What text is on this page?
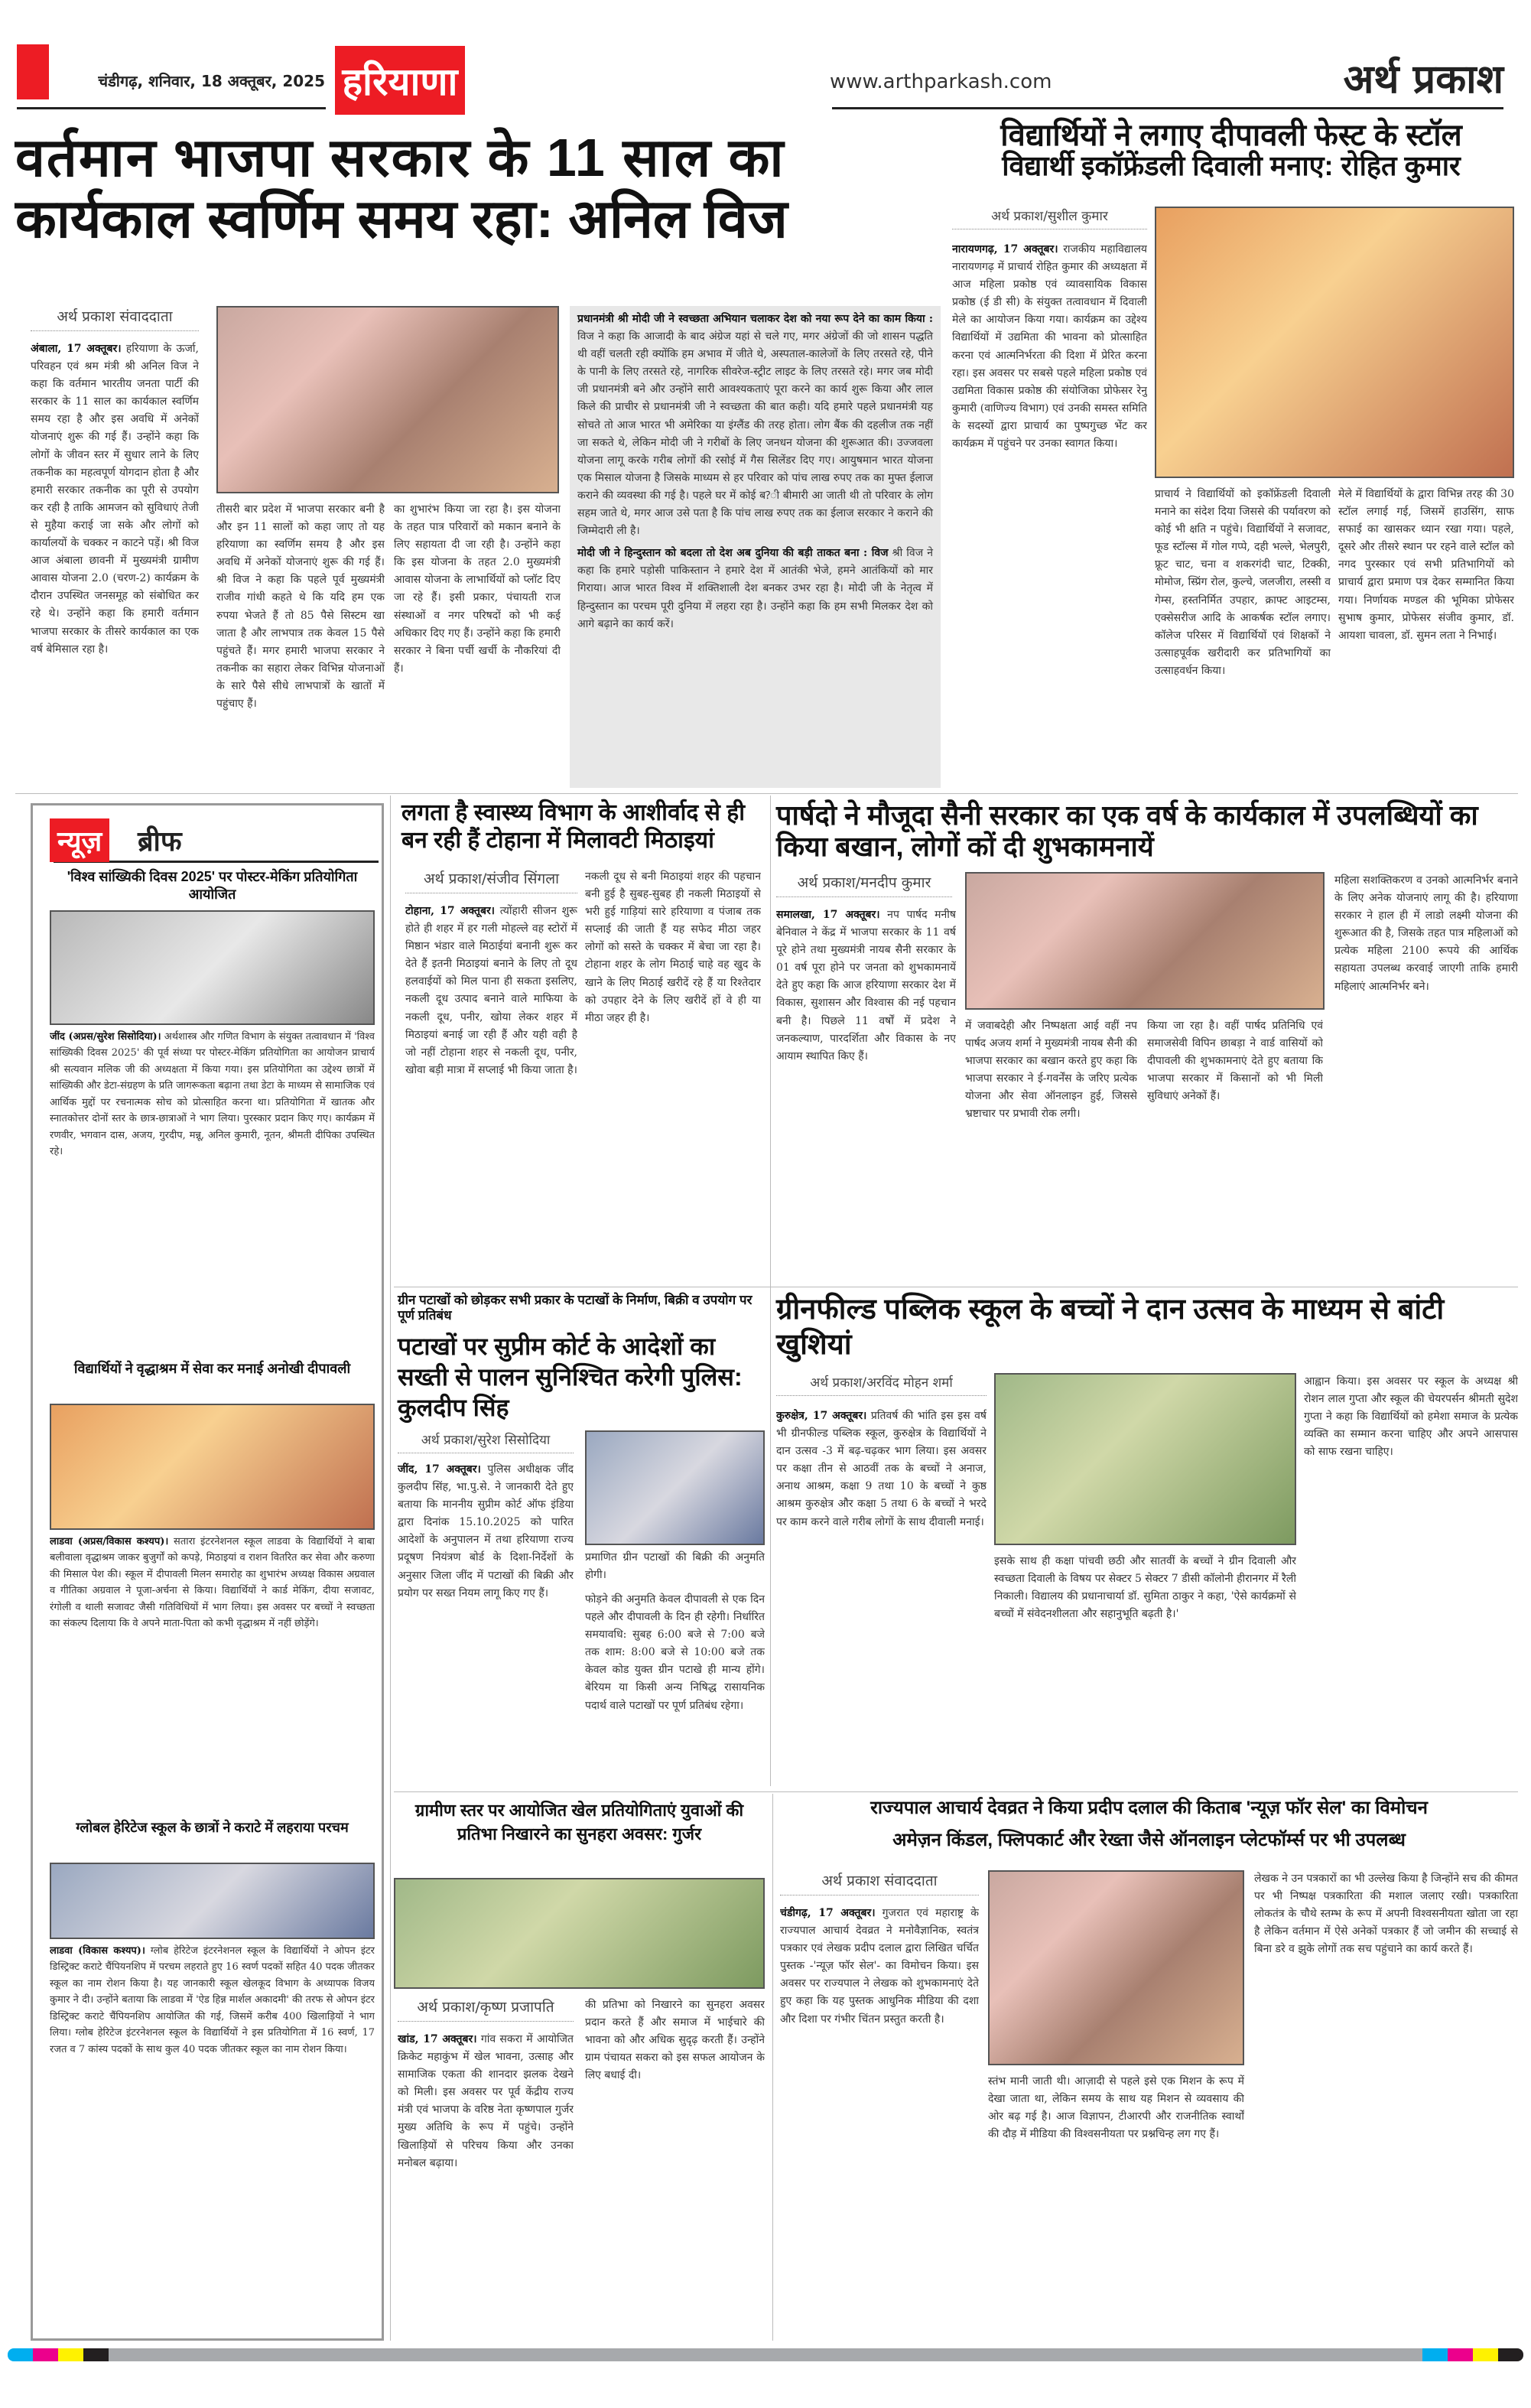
चंडीगढ़, शनिवार, 18 अक्तूबर, 2025 हरियाणा	www.arthparkash.com	अर्थ प्रकाश
वर्तमान भाजपा सरकार के 11 साल का
कार्यकाल स्वर्णिम समय रहा: अनिल विज
अर्थ प्रकाश संवाददाता
अंबाला, 17 अक्तूबर। हरियाणा के ऊर्जा, परिवहन एवं श्रम मंत्री श्री अनिल विज ने कहा कि वर्तमान भारतीय जनता पार्टी की सरकार के 11 साल का कार्यकाल स्वर्णिम समय रहा है और इस अवधि में अनेकों योजनाएं शुरू की गई हैं। उन्होंने कहा कि लोगों के जीवन स्तर में सुधार लाने के लिए तकनीक का महत्वपूर्ण योगदान होता है और हमारी सरकार तकनीक का पूरी से उपयोग कर रही है ताकि आमजन को सुविधाएं तेजी से मुहैया कराई जा सके और लोगों को कार्यालयों के चक्कर न काटने पड़ें। श्री विज आज अंबाला छावनी में मुख्यमंत्री ग्रामीण आवास योजना 2.0 (चरण-2) कार्यक्रम के दौरान उपस्थित जनसमूह को संबोधित कर रहे थे। उन्होंने कहा कि हमारी वर्तमान भाजपा सरकार के तीसरे कार्यकाल का एक वर्ष बेमिसाल रहा है।
तीसरी बार प्रदेश में भाजपा सरकार बनी है और इन 11 सालों को कहा जाए तो यह हरियाणा का स्वर्णिम समय है और इस अवधि में अनेकों योजनाएं शुरू की गई हैं। श्री विज ने कहा कि पहले पूर्व मुख्यमंत्री राजीव गांधी कहते थे कि यदि हम एक रुपया भेजते हैं तो 85 पैसे सिस्टम खा जाता है और लाभपात्र तक केवल 15 पैसे पहुंचते हैं। मगर हमारी भाजपा सरकार ने तकनीक का सहारा लेकर विभिन्न योजनाओं के सारे पैसे सीधे लाभपात्रों के खातों में पहुंचाए हैं।
का शुभारंभ किया जा रहा है। इस योजना के तहत पात्र परिवारों को मकान बनाने के लिए सहायता दी जा रही है। उन्होंने कहा कि इस योजना के तहत 2.0 मुख्यमंत्री आवास योजना के लाभार्थियों को प्लॉट दिए जा रहे हैं। इसी प्रकार, पंचायती राज संस्थाओं व नगर परिषदों को भी कई अधिकार दिए गए हैं। उन्होंने कहा कि हमारी सरकार ने बिना पर्ची खर्ची के नौकरियां दी हैं।
प्रधानमंत्री श्री मोदी जी ने स्वच्छता अभियान चलाकर देश को नया रूप देने का काम किया : विज ने कहा कि आजादी के बाद अंग्रेज यहां से चले गए, मगर अंग्रेजों की जो शासन पद्धति थी वहीं चलती रही क्योंकि हम अभाव में जीते थे, अस्पताल-कालेजों के लिए तरसते रहे, पीने के पानी के लिए तरसते रहे, नागरिक सीवरेज-स्ट्रीट लाइट के लिए तरसते रहे। मगर जब मोदी जी प्रधानमंत्री बने और उन्होंने सारी आवश्यकताएं पूरा करने का कार्य शुरू किया और लाल किले की प्राचीर से प्रधानमंत्री जी ने स्वच्छता की बात कही। यदि हमारे पहले प्रधानमंत्री यह सोचते तो आज भारत भी अमेरिका या इंग्लैंड की तरह होता। लोग बैंक की दहलीज तक नहीं जा सकते थे, लेकिन मोदी जी ने गरीबों के लिए जनधन योजना की शुरूआत की। उज्जवला योजना लागू करके गरीब लोगों की रसोई में गैस सिलेंडर दिए गए। आयुषमान भारत योजना एक मिसाल योजना है जिसके माध्यम से हर परिवार को पांच लाख रुपए तक का मुफ्त ईलाज कराने की व्यवस्था की गई है। पहले घर में कोई ब?ी बीमारी आ जाती थी तो परिवार के लोग सहम जाते थे, मगर आज उसे पता है कि पांच लाख रुपए तक का ईलाज सरकार ने कराने की जिम्मेदारी ली है।
मोदी जी ने हिन्दुस्तान को बदला तो देश अब दुनिया की बड़ी ताकत बना : विज श्री विज ने कहा कि हमारे पड़ोसी पाकिस्तान ने हमारे देश में आतंकी भेजे, हमने आतंकियों को मार गिराया। आज भारत विश्व में शक्तिशाली देश बनकर उभर रहा है। मोदी जी के नेतृत्व में हिन्दुस्तान का परचम पूरी दुनिया में लहरा रहा है। उन्होंने कहा कि हम सभी मिलकर देश को आगे बढ़ाने का कार्य करें।
विद्यार्थियों ने लगाए दीपावली फेस्ट के स्टॉल
विद्यार्थी इकॉफ्रेंडली दिवाली मनाए: रोहित कुमार
अर्थ प्रकाश/सुशील कुमार
नारायणगढ़, 17 अक्तूबर। राजकीय महाविद्यालय नारायणगढ़ में प्राचार्य रोहित कुमार की अध्यक्षता में आज महिला प्रकोष्ठ एवं व्यावसायिक विकास प्रकोष्ठ (ई डी सी) के संयुक्त तत्वावधान में दिवाली मेले का आयोजन किया गया। कार्यक्रम का उद्देश्य विद्यार्थियों में उद्यमिता की भावना को प्रोत्साहित करना एवं आत्मनिर्भरता की दिशा में प्रेरित करना रहा। इस अवसर पर सबसे पहले महिला प्रकोष्ठ एवं उद्यमिता विकास प्रकोष्ठ की संयोजिका प्रोफेसर रेनु कुमारी (वाणिज्य विभाग) एवं उनकी समस्त समिति के सदस्यों द्वारा प्राचार्य का पुष्पगुच्छ भेंट कर कार्यक्रम में पहुंचने पर उनका स्वागत किया।
प्राचार्य ने विद्यार्थियों को इकॉफ्रेंडली दिवाली मनाने का संदेश दिया जिससे की पर्यावरण को कोई भी क्षति न पहुंचे। विद्यार्थियों ने सजावट, फूड स्टॉल्स में गोल गप्पे, दही भल्ले, भेलपुरी, फ्रूट चाट, चना व शकरगंदी चाट, टिक्की, मोमोज, स्प्रिंग रोल, कुल्चे, जलजीरा, लस्सी व गेम्स, हस्तनिर्मित उपहार, क्राफ्ट आइटम्स, एक्सेसरीज आदि के आकर्षक स्टॉल लगाए। कॉलेज परिसर में विद्यार्थियों एवं शिक्षकों ने उत्साहपूर्वक खरीदारी कर प्रतिभागियों का उत्साहवर्धन किया।
मेले में विद्यार्थियों के द्वारा विभिन्न तरह की 30 स्टॉल लगाई गई, जिसमें हाउसिंग, साफ सफाई का खासकर ध्यान रखा गया। पहले, दूसरे और तीसरे स्थान पर रहने वाले स्टॉल को नगद पुरस्कार एवं सभी प्रतिभागियों को प्राचार्य द्वारा प्रमाण पत्र देकर सम्मानित किया गया। निर्णायक मण्डल की भूमिका प्रोफेसर सुभाष कुमार, प्रोफेसर संजीव कुमार, डॉ. आयशा चावला, डॉ. सुमन लता ने निभाई।
न्यूज़ ब्रीफ
'विश्व सांख्यिकी दिवस 2025' पर पोस्टर-मेकिंग प्रतियोगिता आयोजित
जींद (अप्रस/सुरेश सिसोदिया)। अर्थशास्त्र और गणित विभाग के संयुक्त तत्वावधान में 'विश्व सांख्यिकी दिवस 2025' की पूर्व संध्या पर पोस्टर-मेकिंग प्रतियोगिता का आयोजन प्राचार्य श्री सत्यवान मलिक जी की अध्यक्षता में किया गया। इस प्रतियोगिता का उद्देश्य छात्रों में सांख्यिकी और डेटा-संग्रहण के प्रति जागरूकता बढ़ाना तथा डेटा के माध्यम से सामाजिक एवं आर्थिक मुद्दों पर रचनात्मक सोच को प्रोत्साहित करना था। प्रतियोगिता में खातक और स्नातकोत्तर दोनों स्तर के छात्र-छात्राओं ने भाग लिया। पुरस्कार प्रदान किए गए। कार्यक्रम में रणवीर, भगवान दास, अजय, गुरदीप, मन्नू, अनिल कुमारी, नूतन, श्रीमती दीपिका उपस्थित रहे।
विद्यार्थियों ने वृद्धाश्रम में सेवा कर मनाई अनोखी दीपावली
लाडवा (अप्रस/विकास कश्यप)। सतारा इंटरनेशनल स्कूल लाडवा के विद्यार्थियों ने बाबा बलीवाला वृद्धाश्रम जाकर बुजुर्गों को कपड़े, मिठाइयां व राशन वितरित कर सेवा और करुणा की मिसाल पेश की। स्कूल में दीपावली मिलन समारोह का शुभारंभ अध्यक्ष विकास अग्रवाल व गीतिका अग्रवाल ने पूजा-अर्चना से किया। विद्यार्थियों ने कार्ड मेकिंग, दीया सजावट, रंगोली व थाली सजावट जैसी गतिविधियों में भाग लिया। इस अवसर पर बच्चों ने स्वच्छता का संकल्प दिलाया कि वे अपने माता-पिता को कभी वृद्धाश्रम में नहीं छोड़ेंगे।
ग्लोबल हेरिटेज स्कूल के छात्रों ने कराटे में लहराया परचम
लाडवा (विकास कश्यप)। ग्लोब हेरिटेज इंटरनेशनल स्कूल के विद्यार्थियों ने ओपन इंटर डिस्ट्रिक्ट कराटे चैंपियनशिप में परचम लहराते हुए 16 स्वर्ण पदकों सहित 40 पदक जीतकर स्कूल का नाम रोशन किया है। यह जानकारी स्कूल खेलकूद विभाग के अध्यापक विजय कुमार ने दी। उन्होंने बताया कि लाडवा में 'ऐड हिन्न मार्शल अकादमी' की तरफ से ओपन इंटर डिस्ट्रिक्ट कराटे चैंपियनशिप आयोजित की गई, जिसमें करीब 400 खिलाड़ियों ने भाग लिया। ग्लोब हेरिटेज इंटरनेशनल स्कूल के विद्यार्थियों ने इस प्रतियोगिता में 16 स्वर्ण, 17 रजत व 7 कांस्य पदकों के साथ कुल 40 पदक जीतकर स्कूल का नाम रोशन किया।
लगता है स्वास्थ्य विभाग के आशीर्वाद से ही बन रही हैं टोहाना में मिलावटी मिठाइयां
अर्थ प्रकाश/संजीव सिंगला
टोहाना, 17 अक्तूबर। त्योंहारी सीजन शुरू होते ही शहर में हर गली मोहल्ले वह स्टोरों में मिष्ठान भंडार वाले मिठाईयां बनानी शुरू कर देते हैं इतनी मिठाइयां बनाने के लिए तो दूध हलवाईयों को मिल पाना ही सकता इसलिए, नकली दूध उत्पाद बनाने वाले माफिया के नकली दूध, पनीर, खोया लेकर शहर में मिठाइयां बनाई जा रही हैं और यही वही है जो नहीं टोहाना शहर से नकली दूध, पनीर, खोवा बड़ी मात्रा में सप्लाई भी किया जाता है।
नकली दूध से बनी मिठाइयां शहर की पहचान बनी हुई है सुबह-सुबह ही नकली मिठाइयों से भरी हुई गाड़ियां सारे हरियाणा व पंजाब तक सप्लाई की जाती हैं यह सफेद मीठा जहर लोगों को सस्ते के चक्कर में बेचा जा रहा है। टोहाना शहर के लोग मिठाई चाहे वह खुद के खाने के लिए मिठाई खरीदें रहे हैं या रिश्तेदार को उपहार देने के लिए खरीदें हों वे ही या मीठा जहर ही है।
पार्षदो ने मौजूदा सैनी सरकार का एक वर्ष के कार्यकाल में उपलब्धियों का किया बखान, लोगों कों दी शुभकामनायें
अर्थ प्रकाश/मनदीप कुमार
समालखा, 17 अक्तूबर। नप पार्षद मनीष बेनिवाल ने केंद्र में भाजपा सरकार के 11 वर्ष पूरे होने तथा मुख्यमंत्री नायब सैनी सरकार के 01 वर्ष पूरा होने पर जनता को शुभकामनायें देते हुए कहा कि आज हरियाणा सरकार देश में विकास, सुशासन और विश्वास की नई पहचान बनी है। पिछले 11 वर्षों में प्रदेश ने जनकल्याण, पारदर्शिता और विकास के नए आयाम स्थापित किए हैं।
में जवाबदेही और निष्पक्षता आई वहीं नप पार्षद अजय शर्मा ने मुख्यमंत्री नायब सैनी की भाजपा सरकार का बखान करते हुए कहा कि भाजपा सरकार ने ई-गवर्नेंस के जरिए प्रत्येक योजना और सेवा ऑनलाइन हुई, जिससे भ्रष्टाचार पर प्रभावी रोक लगी।
किया जा रहा है। वहीं पार्षद प्रतिनिधि एवं समाजसेवी विपिन छाबड़ा ने वार्ड वासियों को दीपावली की शुभकामनाएं देते हुए बताया कि भाजपा सरकार में किसानों को भी मिली सुविधाएं अनेकों हैं।
महिला सशक्तिकरण व उनको आत्मनिर्भर बनाने के लिए अनेक योजनाएं लागू की है। हरियाणा सरकार ने हाल ही में लाडो लक्ष्मी योजना की शुरूआत की है, जिसके तहत पात्र महिलाओं को प्रत्येक महिला 2100 रूपये की आर्थिक सहायता उपलब्ध करवाई जाएगी ताकि हमारी महिलाएं आत्मनिर्भर बने।
ग्रीन पटाखों को छोड़कर सभी प्रकार के पटाखों के निर्माण, बिक्री व उपयोग पर पूर्ण प्रतिबंध
पटाखों पर सुप्रीम कोर्ट के आदेशों का सख्ती से पालन सुनिश्चित करेगी पुलिस: कुलदीप सिंह
अर्थ प्रकाश/सुरेश सिसोदिया
जींद, 17 अक्तूबर। पुलिस अधीक्षक जींद कुलदीप सिंह, भा.पु.से. ने जानकारी देते हुए बताया कि माननीय सुप्रीम कोर्ट ऑफ इंडिया द्वारा दिनांक 15.10.2025 को पारित आदेशों के अनुपालन में तथा हरियाणा राज्य प्रदूषण नियंत्रण बोर्ड के दिशा-निर्देशों के अनुसार जिला जींद में पटाखों की बिक्री और प्रयोग पर सख्त नियम लागू किए गए हैं।
प्रमाणित ग्रीन पटाखों की बिक्री की अनुमति होगी।
फोड़ने की अनुमति केवल दीपावली से एक दिन पहले और दीपावली के दिन ही रहेगी। निर्धारित समयावधि: सुबह 6:00 बजे से 7:00 बजे तक शाम: 8:00 बजे से 10:00 बजे तक केवल कोड युक्त ग्रीन पटाखे ही मान्य होंगे। बेरियम या किसी अन्य निषिद्ध रासायनिक पदार्थ वाले पटाखों पर पूर्ण प्रतिबंध रहेगा।
ग्रीनफील्ड पब्लिक स्कूल के बच्चों ने दान उत्सव के माध्यम से बांटी खुशियां
अर्थ प्रकाश/अरविंद मोहन शर्मा
कुरुक्षेत्र, 17 अक्तूबर। प्रतिवर्ष की भांति इस इस वर्ष भी ग्रीनफील्ड पब्लिक स्कूल, कुरुक्षेत्र के विद्यार्थियों ने दान उत्सव -3 में बढ़-चढ़कर भाग लिया। इस अवसर पर कक्षा तीन से आठवीं तक के बच्चों ने अनाज, अनाथ आश्रम, कक्षा 9 तथा 10 के बच्चों ने कुष्ठ आश्रम कुरुक्षेत्र और कक्षा 5 तथा 6 के बच्चों ने भरदे पर काम करने वाले गरीब लोगों के साथ दीवाली मनाई।
इसके साथ ही कक्षा पांचवी छठी और सातवीं के बच्चों ने ग्रीन दिवाली और स्वच्छता दिवाली के विषय पर सेक्टर 5 सेक्टर 7 डीसी कॉलोनी हीरानगर में रैली निकाली। विद्यालय की प्रधानाचार्या डॉ. सुमिता ठाकुर ने कहा, 'ऐसे कार्यक्रमों से बच्चों में संवेदनशीलता और सहानुभूति बढ़ती है।'
आह्वान किया। इस अवसर पर स्कूल के अध्यक्ष श्री रोशन लाल गुप्ता और स्कूल की चेयरपर्सन श्रीमती सुदेश गुप्ता ने कहा कि विद्यार्थियों को हमेशा समाज के प्रत्येक व्यक्ति का सम्मान करना चाहिए और अपने आसपास को साफ रखना चाहिए।
ग्रामीण स्तर पर आयोजित खेल प्रतियोगिताएं युवाओं की प्रतिभा निखारने का सुनहरा अवसर: गुर्जर
अर्थ प्रकाश/कृष्ण प्रजापति
खांड, 17 अक्तूबर। गांव सकरा में आयोजित क्रिकेट महाकुंभ में खेल भावना, उत्साह और सामाजिक एकता की शानदार झलक देखने को मिली। इस अवसर पर पूर्व केंद्रीय राज्य मंत्री एवं भाजपा के वरिष्ठ नेता कृष्णपाल गुर्जर मुख्य अतिथि के रूप में पहुंचे। उन्होंने खिलाड़ियों से परिचय किया और उनका मनोबल बढ़ाया।
की प्रतिभा को निखारने का सुनहरा अवसर प्रदान करते हैं और समाज में भाईचारे की भावना को और अधिक सुदृढ़ करती हैं। उन्होंने ग्राम पंचायत सकरा को इस सफल आयोजन के लिए बधाई दी।
राज्यपाल आचार्य देवव्रत ने किया प्रदीप दलाल की किताब 'न्यूज़ फॉर सेल' का विमोचन
अमेज़न किंडल, फ्लिपकार्ट और रेख्ता जैसे ऑनलाइन प्लेटफॉर्म्स पर भी उपलब्ध
अर्थ प्रकाश संवाददाता
चंडीगढ़, 17 अक्तूबर। गुजरात एवं महाराष्ट्र के राज्यपाल आचार्य देवव्रत ने मनोवैज्ञानिक, स्वतंत्र पत्रकार एवं लेखक प्रदीप दलाल द्वारा लिखित चर्चित पुस्तक -'न्यूज़ फॉर सेल'- का विमोचन किया। इस अवसर पर राज्यपाल ने लेखक को शुभकामनाएं देते हुए कहा कि यह पुस्तक आधुनिक मीडिया की दशा और दिशा पर गंभीर चिंतन प्रस्तुत करती है।
स्तंभ मानी जाती थी। आज़ादी से पहले इसे एक मिशन के रूप में देखा जाता था, लेकिन समय के साथ यह मिशन से व्यवसाय की ओर बढ़ गई है। आज विज्ञापन, टीआरपी और राजनीतिक स्वार्थों की दौड़ में मीडिया की विश्वसनीयता पर प्रश्नचिन्ह लग गए हैं।
लेखक ने उन पत्रकारों का भी उल्लेख किया है जिन्होंने सच की कीमत पर भी निष्पक्ष पत्रकारिता की मशाल जलाए रखी। पत्रकारिता लोकतंत्र के चौथे स्तम्भ के रूप में अपनी विश्वसनीयता खोता जा रहा है लेकिन वर्तमान में ऐसे अनेकों पत्रकार हैं जो जमीन की सच्चाई से बिना डरे व झुके लोगों तक सच पहुंचाने का कार्य करते हैं।
